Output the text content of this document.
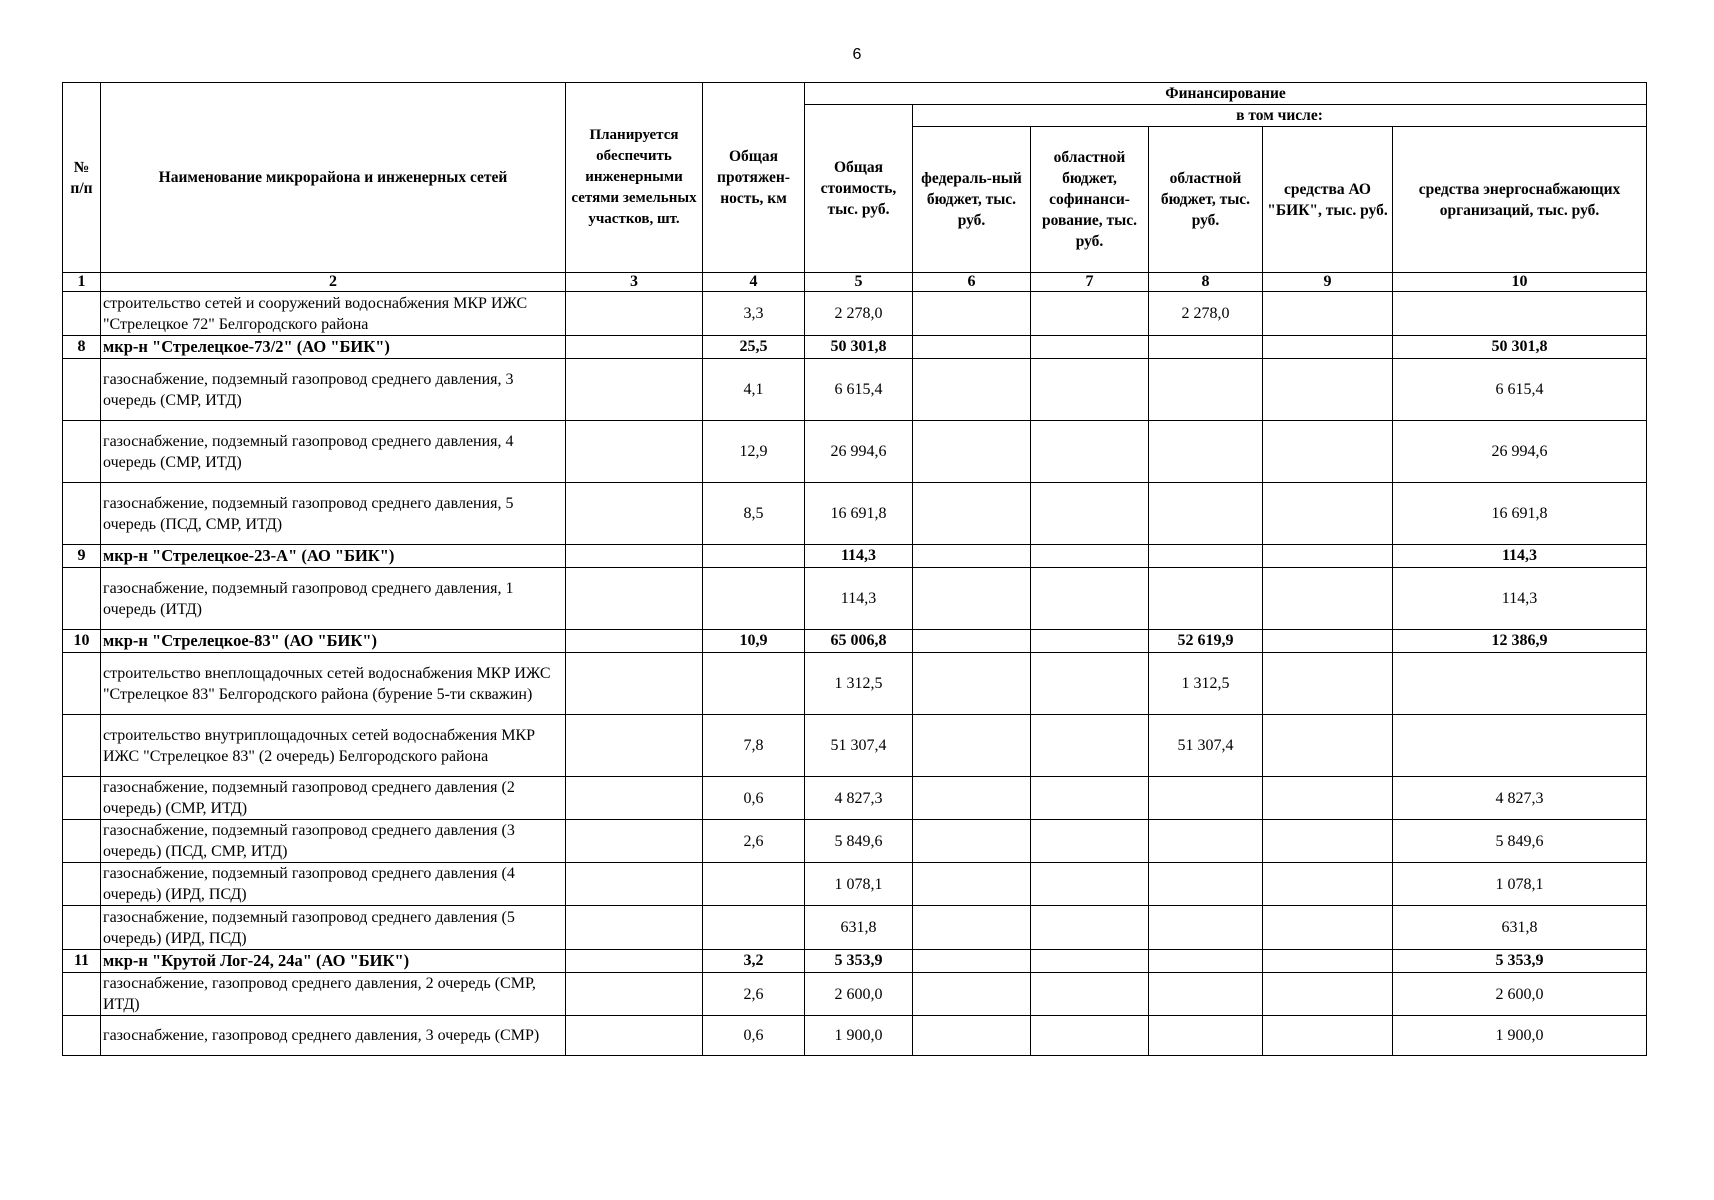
6
№ п/п	Наименование микрорайона и инженерных сетей	Планируется обеспечить инженерными сетями земельных участков, шт.	Общая протяжен-ность, км	Финансирование					
				Общая стоимость, тыс. руб.	в том числе:				
					федераль-ный бюджет, тыс. руб.	областной бюджет, софинанси-рование, тыс. руб.	областной бюджет, тыс. руб.	средства АО "БИК", тыс. руб.	средства энергоснабжающих организаций, тыс. руб.
1	2	3	4	5	6	7	8	9	10
	строительство сетей и сооружений водоснабжения МКР ИЖС "Стрелецкое 72" Белгородского района		3,3	2 278,0			2 278,0		
8	мкр-н "Стрелецкое-73/2" (АО "БИК")		25,5	50 301,8					50 301,8
	газоснабжение, подземный газопровод среднего давления, 3 очередь (СМР, ИТД)		4,1	6 615,4					6 615,4
	газоснабжение, подземный газопровод среднего давления, 4 очередь (СМР, ИТД)		12,9	26 994,6					26 994,6
	газоснабжение, подземный газопровод среднего давления, 5 очередь (ПСД, СМР, ИТД)		8,5	16 691,8					16 691,8
9	мкр-н "Стрелецкое-23-А" (АО "БИК")			114,3					114,3
	газоснабжение, подземный газопровод среднего давления, 1 очередь (ИТД)			114,3					114,3
10	мкр-н "Стрелецкое-83" (АО "БИК")		10,9	65 006,8			52 619,9		12 386,9
	строительство внеплощадочных сетей водоснабжения МКР ИЖС "Стрелецкое 83" Белгородского района (бурение 5-ти скважин)			1 312,5			1 312,5		
	строительство внутриплощадочных сетей водоснабжения МКР ИЖС "Стрелецкое 83" (2 очередь) Белгородского района		7,8	51 307,4			51 307,4		
	газоснабжение, подземный газопровод среднего давления (2 очередь) (СМР, ИТД)		0,6	4 827,3					4 827,3
	газоснабжение, подземный газопровод среднего давления (3 очередь) (ПСД, СМР, ИТД)		2,6	5 849,6					5 849,6
	газоснабжение, подземный газопровод среднего давления (4 очередь) (ИРД, ПСД)			1 078,1					1 078,1
	газоснабжение, подземный газопровод среднего давления (5 очередь) (ИРД, ПСД)			631,8					631,8
11	мкр-н "Крутой Лог-24, 24а" (АО "БИК")		3,2	5 353,9					5 353,9
	газоснабжение, газопровод среднего давления, 2 очередь (СМР, ИТД)		2,6	2 600,0					2 600,0
	газоснабжение, газопровод среднего давления, 3 очередь (СМР)		0,6	1 900,0					1 900,0
